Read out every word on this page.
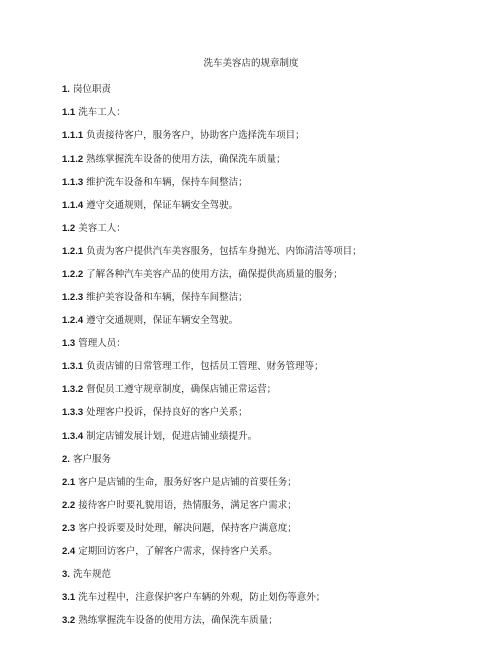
洗车美容店的规章制度
1. 岗位职责
1.1 洗车工人：
1.1.1 负责接待客户，服务客户，协助客户选择洗车项目；
1.1.2 熟练掌握洗车设备的使用方法，确保洗车质量；
1.1.3 维护洗车设备和车辆，保持车间整洁；
1.1.4 遵守交通规则，保证车辆安全驾驶。
1.2 美容工人：
1.2.1 负责为客户提供汽车美容服务，包括车身抛光、内饰清洁等项目；
1.2.2 了解各种汽车美容产品的使用方法，确保提供高质量的服务；
1.2.3 维护美容设备和车辆，保持车间整洁；
1.2.4 遵守交通规则，保证车辆安全驾驶。
1.3 管理人员：
1.3.1 负责店铺的日常管理工作，包括员工管理、财务管理等；
1.3.2 督促员工遵守规章制度，确保店铺正常运营；
1.3.3 处理客户投诉，保持良好的客户关系；
1.3.4 制定店铺发展计划，促进店铺业绩提升。
2. 客户服务
2.1 客户是店铺的生命，服务好客户是店铺的首要任务；
2.2 接待客户时要礼貌用语，热情服务，满足客户需求；
2.3 客户投诉要及时处理，解决问题，保持客户满意度；
2.4 定期回访客户，了解客户需求，保持客户关系。
3. 洗车规范
3.1 洗车过程中，注意保护客户车辆的外观，防止划伤等意外；
3.2 熟练掌握洗车设备的使用方法，确保洗车质量；
